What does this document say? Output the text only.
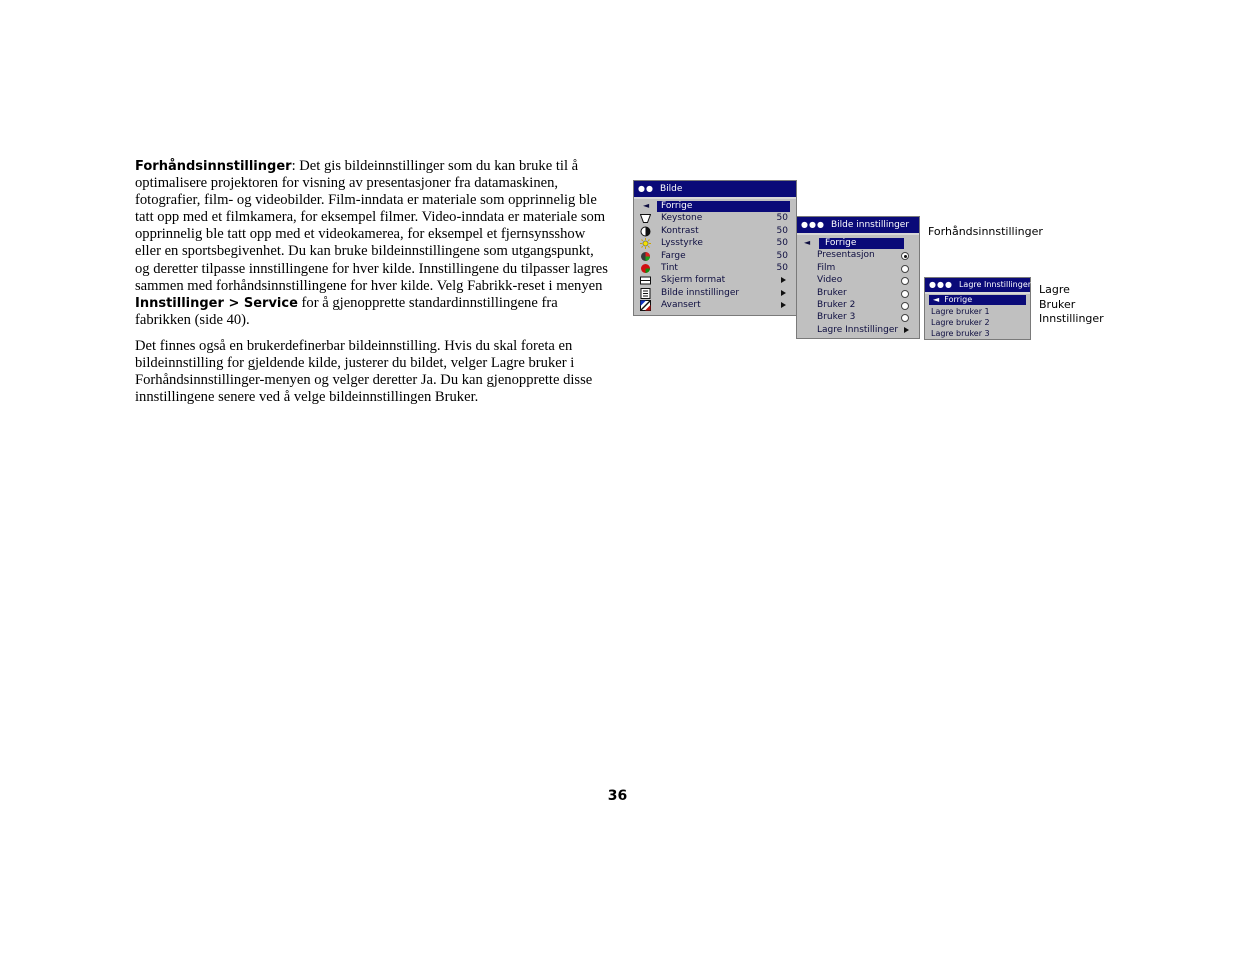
Forhåndsinnstillinger: Det gis bildeinnstillinger som du kan bruke til å optimalisere projektoren for visning av presentasjoner fra datamaskinen, fotografier, film- og videobilder. Film-inndata er materiale som opprinnelig ble tatt opp med et filmkamera, for eksempel filmer. Video-inndata er materiale som opprinnelig ble tatt opp med et videokamerea, for eksempel et fjernsynsshow eller en sportsbegivenhet. Du kan bruke bildeinnstillingene som utgangspunkt, og deretter tilpasse innstillingene for hver kilde. Innstillingene du tilpasser lagres sammen med forhåndsinnstillingene for hver kilde. Velg Fabrikk-reset i menyen Innstillinger > Service for å gjenopprette standardinnstillingene fra fabrikken (side 40).

Det finnes også en brukerdefinerbar bildeinnstilling. Hvis du skal foreta en bildeinnstilling for gjeldende kilde, justerer du bildet, velger Lagre bruker i Forhåndsinnstillinger-menyen og velger deretter Ja. Du kan gjenopprette disse innstillingene senere ved å velge bildeinnstillingen Bruker.

●● Bilde
◄	Forrige
Keystone	50
Kontrast	50
Lysstyrke	50
Farge	50
Tint	50
Skjerm format
Bilde innstillinger
Avansert
●●● Bilde innstillinger
◄	Forrige
Presentasjon
Film
Video
Bruker
Bruker 2
Bruker 3
Lagre Innstillinger
●●● Lagre Innstillinger
◄  Forrige
Lagre bruker 1
Lagre bruker 2
Lagre bruker 3
Forhåndsinnstillinger
Lagre
Bruker
Innstillinger
36
